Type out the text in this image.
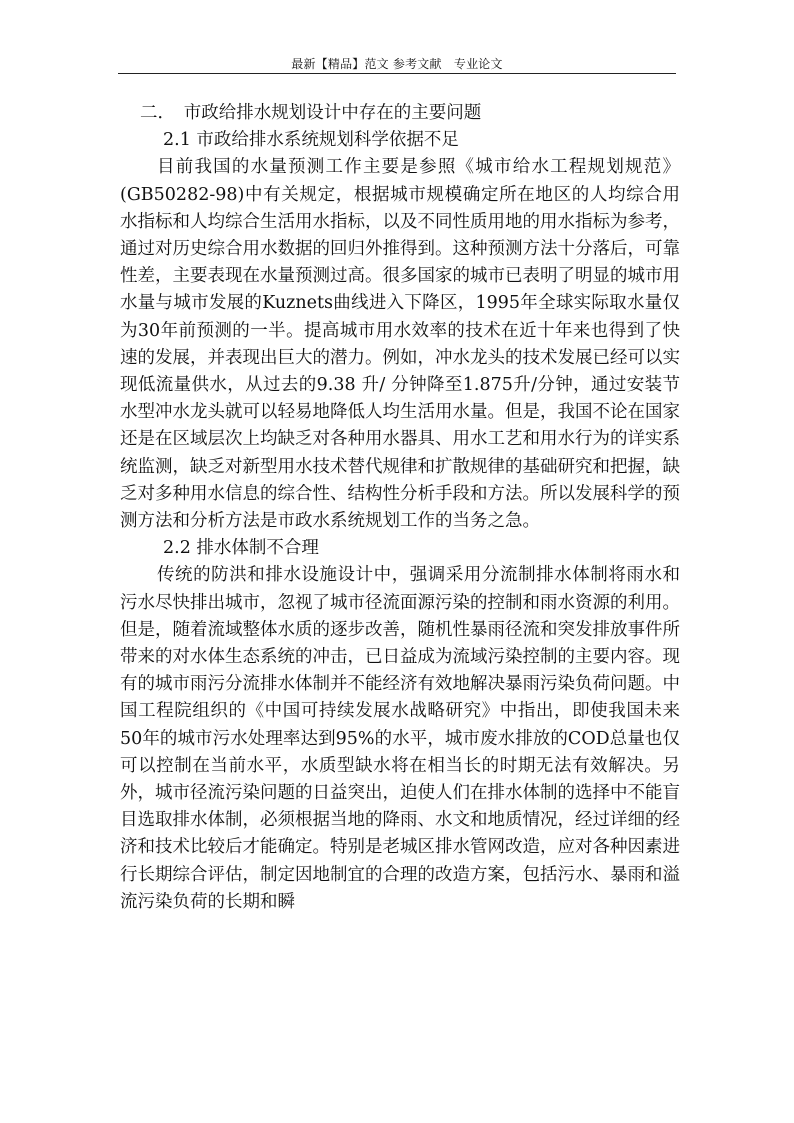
最新【精品】范文 参考文献　专业论文

二．　市政给排水规划设计中存在的主要问题

2.1 市政给排水系统规划科学依据不足

目前我国的水量预测工作主要是参照《城市给水工程规划规范》(GB50282-98)中有关规定，根据城市规模确定所在地区的人均综合用水指标和人均综合生活用水指标，以及不同性质用地的用水指标为参考，通过对历史综合用水数据的回归外推得到。这种预测方法十分落后，可靠性差，主要表现在水量预测过高。很多国家的城市已表明了明显的城市用水量与城市发展的Kuznets曲线进入下降区，1995年全球实际取水量仅为30年前预测的一半。提高城市用水效率的技术在近十年来也得到了快速的发展，并表现出巨大的潜力。例如，冲水龙头的技术发展已经可以实现低流量供水，从过去的9.38 升/ 分钟降至1.875升/分钟，通过安装节水型冲水龙头就可以轻易地降低人均生活用水量。但是，我国不论在国家还是在区域层次上均缺乏对各种用水器具、用水工艺和用水行为的详实系统监测，缺乏对新型用水技术替代规律和扩散规律的基础研究和把握，缺乏对多种用水信息的综合性、结构性分析手段和方法。所以发展科学的预测方法和分析方法是市政水系统规划工作的当务之急。

2.2 排水体制不合理

传统的防洪和排水设施设计中，强调采用分流制排水体制将雨水和污水尽快排出城市，忽视了城市径流面源污染的控制和雨水资源的利用。但是，随着流域整体水质的逐步改善，随机性暴雨径流和突发排放事件所带来的对水体生态系统的冲击，已日益成为流域污染控制的主要内容。现有的城市雨污分流排水体制并不能经济有效地解决暴雨污染负荷问题。中国工程院组织的《中国可持续发展水战略研究》中指出，即使我国未来50年的城市污水处理率达到95%的水平，城市废水排放的COD总量也仅可以控制在当前水平，水质型缺水将在相当长的时期无法有效解决。另外，城市径流污染问题的日益突出，迫使人们在排水体制的选择中不能盲目选取排水体制，必须根据当地的降雨、水文和地质情况，经过详细的经济和技术比较后才能确定。特别是老城区排水管网改造，应对各种因素进行长期综合评估，制定因地制宜的合理的改造方案，包括污水、暴雨和溢流污染负荷的长期和瞬
